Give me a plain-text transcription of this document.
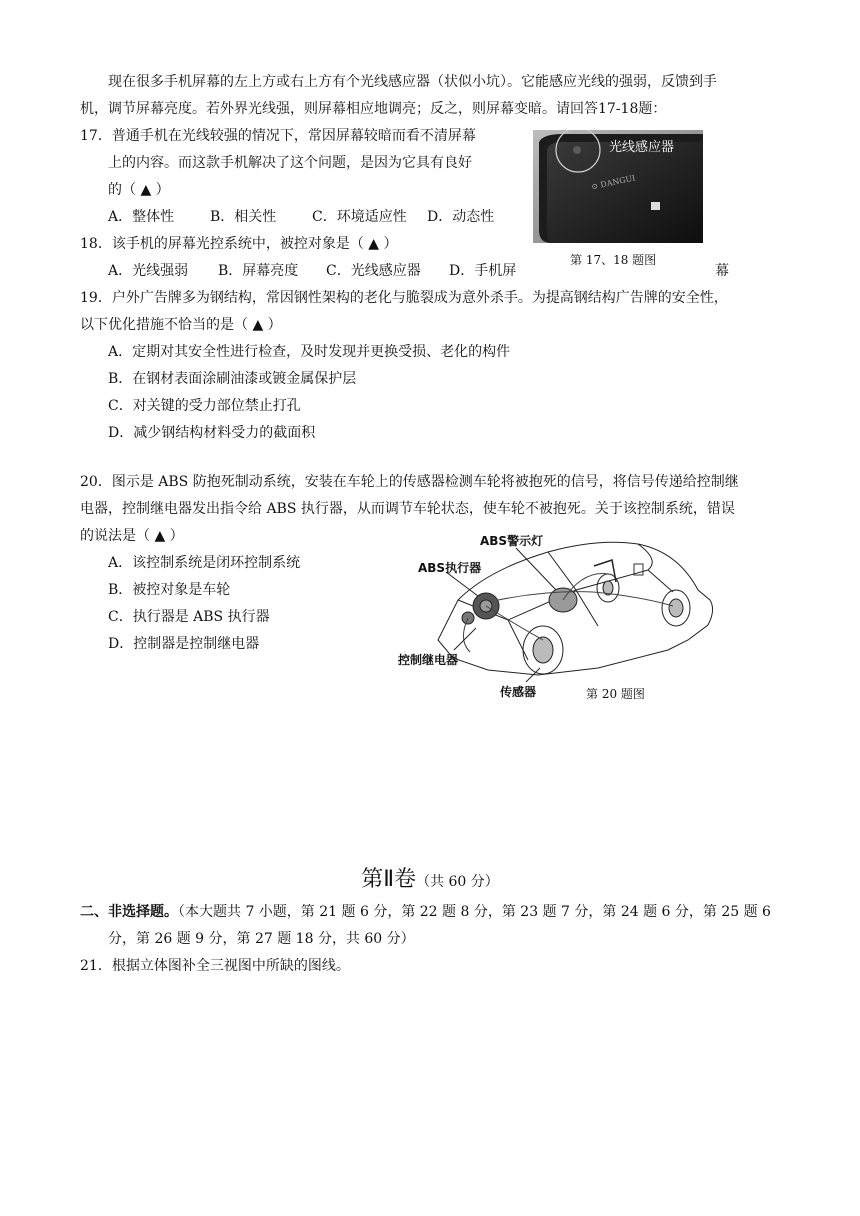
现在很多手机屏幕的左上方或右上方有个光线感应器（状似小坑）。它能感应光线的强弱，反馈到手
机，调节屏幕亮度。若外界光线强，则屏幕相应地调亮；反之，则屏幕变暗。请回答17-18题：
17．普通手机在光线较强的情况下，常因屏幕较暗而看不清屏幕
上的内容。而这款手机解决了这个问题，是因为它具有良好
的（ ▲ ）
A．整体性	B．相关性	C．环境适应性 D．动态性
光线感应器
⊙ DANGUI
第 17、18 题图
18．该手机的屏幕光控系统中，被控对象是（ ▲ ）
A．光线强弱 B．屏幕亮度 C．光线感应器 D．手机屏	幕
19．户外广告牌多为钢结构，常因钢性架构的老化与脆裂成为意外杀手。为提高钢结构广告牌的安全性，
以下优化措施不恰当的是（ ▲ ）
A．定期对其安全性进行检查，及时发现并更换受损、老化的构件
B．在钢材表面涂刷油漆或镀金属保护层
C．对关键的受力部位禁止打孔
D．减少钢结构材料受力的截面积
20．图示是 ABS 防抱死制动系统，安装在车轮上的传感器检测车轮将被抱死的信号，将信号传递给控制继
电器，控制继电器发出指令给 ABS 执行器，从而调节车轮状态，使车轮不被抱死。关于该控制系统，错误
的说法是（ ▲ ）
A．该控制系统是闭环控制系统
B．被控对象是车轮
C．执行器是 ABS 执行器
D．控制器是控制继电器
ABS警示灯
ABS执行器
控制继电器
传感器	第 20 题图
第Ⅱ卷（共 60 分）
二、非选择题。（本大题共 7 小题，第 21 题 6 分，第 22 题 8 分，第 23 题 7 分，第 24 题 6 分，第 25 题 6
分，第 26 题 9 分，第 27 题 18 分，共 60 分）
21．根据立体图补全三视图中所缺的图线。
